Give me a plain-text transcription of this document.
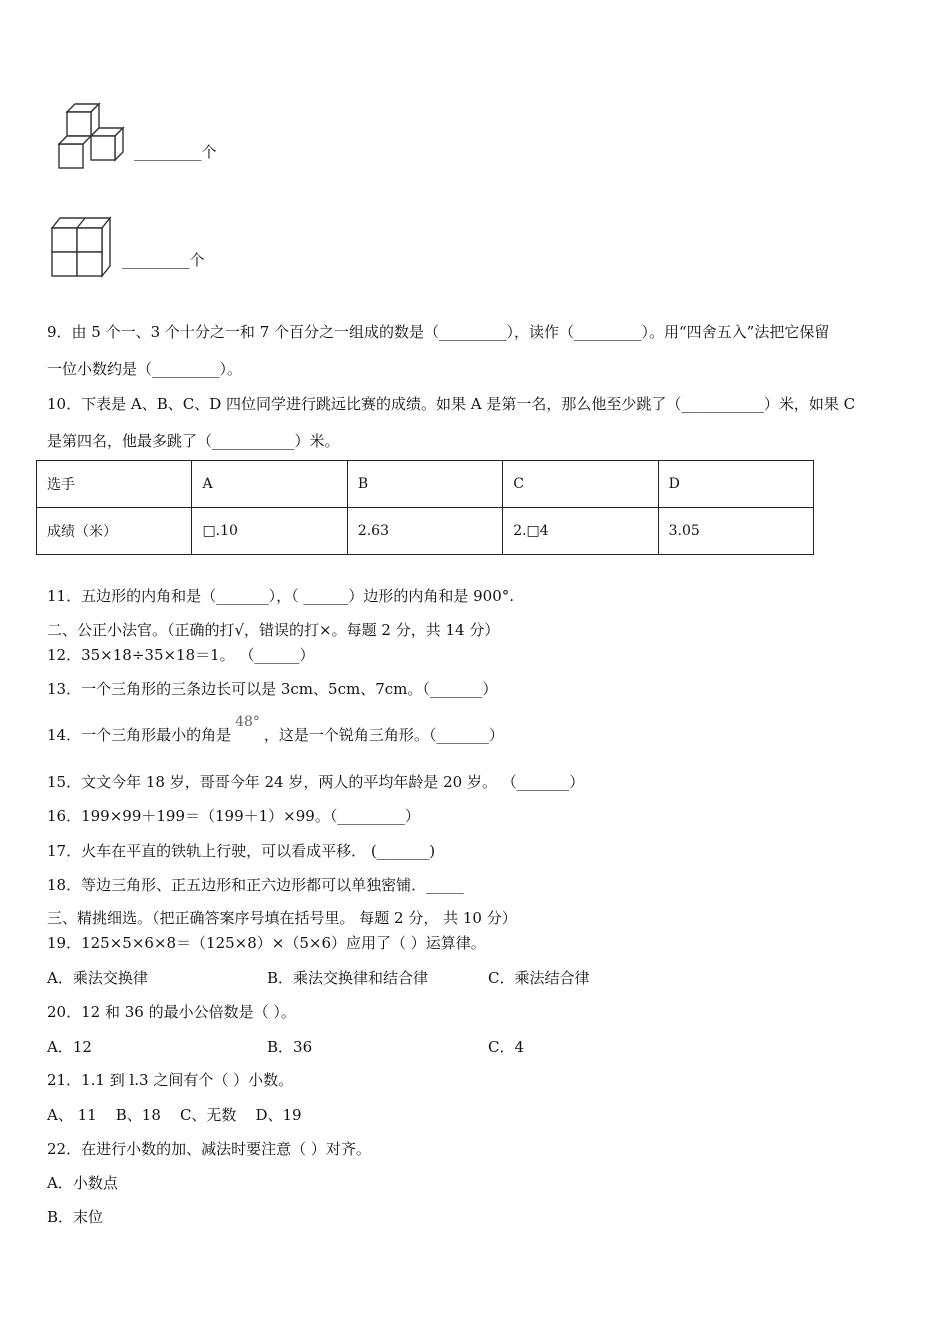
_________个
_________个
9．由 5 个一、3 个十分之一和 7 个百分之一组成的数是（_________），读作（_________）。用“四舍五入”法把它保留
一位小数约是（_________）。
10．下表是 A、B、C、D 四位同学进行跳远比赛的成绩。如果 A 是第一名，那么他至少跳了（___________）米，如果 C
是第四名，他最多跳了（___________）米。
选手	A	B	C	D
成绩（米）	□.10	2.63	2.□4	3.05
11．五边形的内角和是（_______），（ ______）边形的内角和是 900°.
二、公正小法官。（正确的打√，错误的打×。每题 2 分，共 14 分）
12．35×18÷35×18＝1。 （______）
13．一个三角形的三条边长可以是 3cm、5cm、7cm。（_______）
14．一个三角形最小的角是48°，这是一个锐角三角形。（_______）
15．文文今年 18 岁，哥哥今年 24 岁，两人的平均年龄是 20 岁。 （_______）
16．199×99＋199＝（199＋1）×99。（_________）
17．火车在平直的铁轨上行驶，可以看成平移． (_______)
18．等边三角形、正五边形和正六边形都可以单独密铺．_____
三、精挑细选。（把正确答案序号填在括号里。 每题 2 分， 共 10 分）
19．125×5×6×8＝（125×8）×（5×6）应用了（ ）运算律。
A．乘法交换律	B．乘法交换律和结合律	C．乘法结合律
20．12 和 36 的最小公倍数是（ ）。
A．12	B．36	C．4
21．1.1 到 l.3 之间有个（ ）小数。
A、 11    B、18    C、无数    D、19
22．在进行小数的加、减法时要注意（ ）对齐。
A．小数点
B．末位
